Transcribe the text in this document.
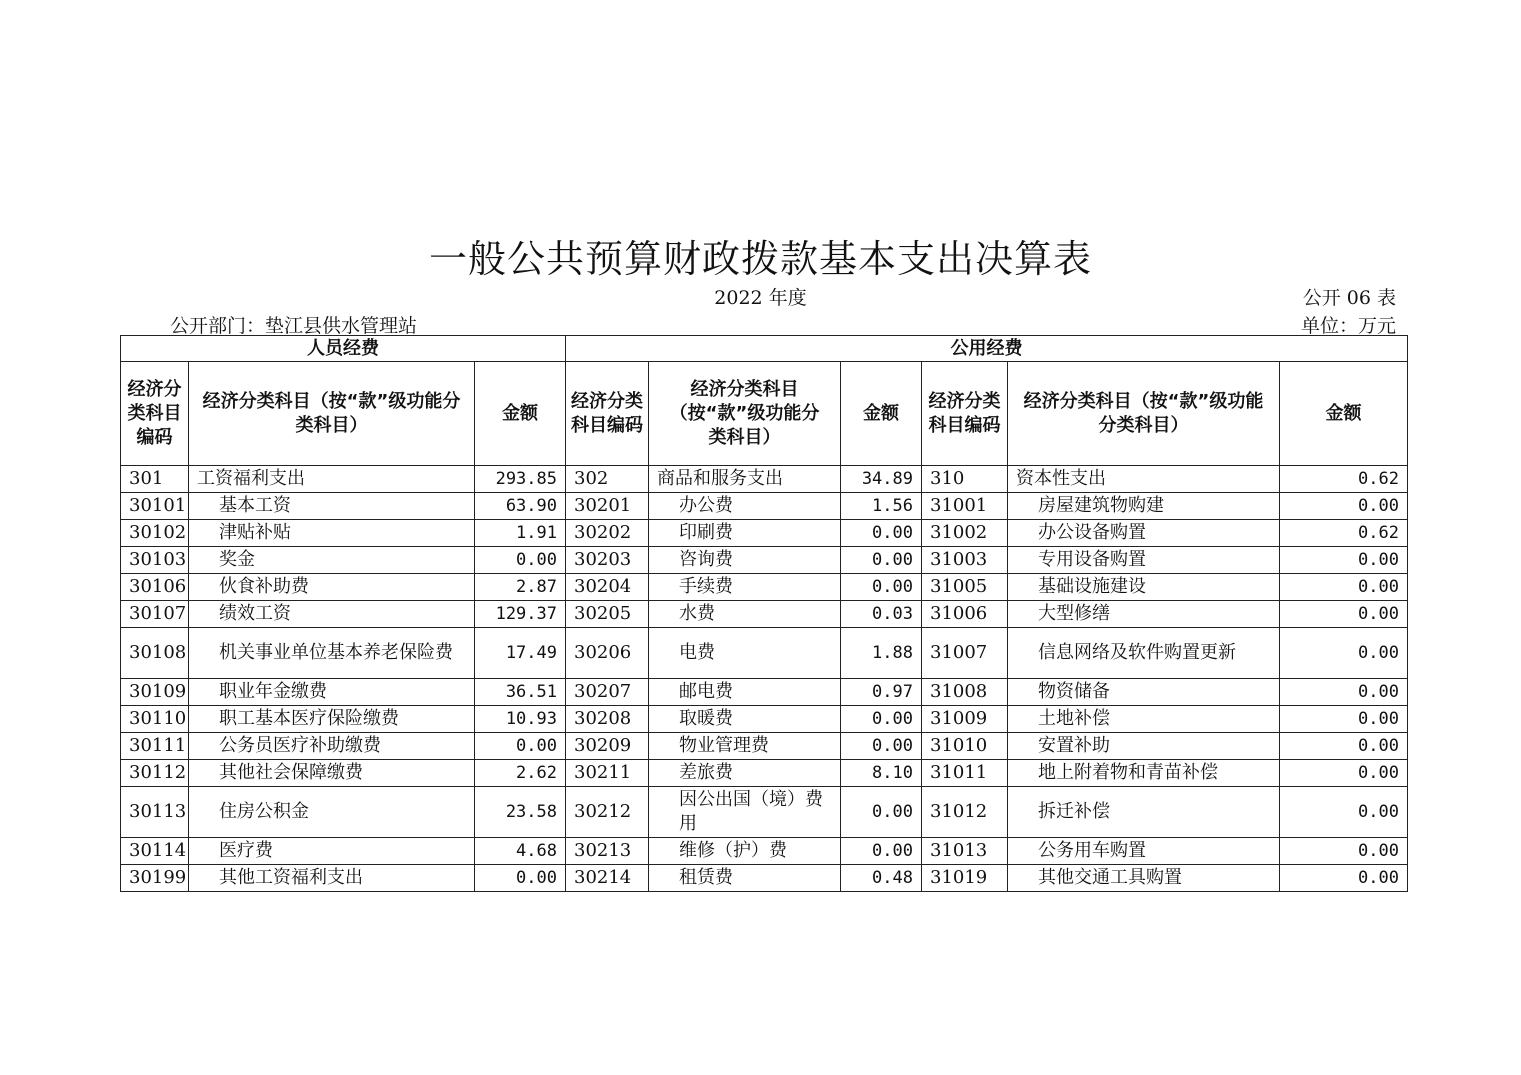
一般公共预算财政拨款基本支出决算表
2022 年度	公开 06 表
公开部门：垫江县供水管理站	单位：万元
人员经费			公用经费					
经济分类科目编码	经济分类科目（按“款”级功能分类科目）	金额	经济分类科目编码	经济分类科目（按“款”级功能分类科目）	金额	经济分类科目编码	经济分类科目（按“款”级功能分类科目）	金额
301	工资福利支出	293.85	302	商品和服务支出	34.89	310	资本性支出	0.62
30101	基本工资	63.90	30201	办公费	1.56	31001	房屋建筑物购建	0.00
30102	津贴补贴	1.91	30202	印刷费	0.00	31002	办公设备购置	0.62
30103	奖金	0.00	30203	咨询费	0.00	31003	专用设备购置	0.00
30106	伙食补助费	2.87	30204	手续费	0.00	31005	基础设施建设	0.00
30107	绩效工资	129.37	30205	水费	0.03	31006	大型修缮	0.00
30108	机关事业单位基本养老保险费	17.49	30206	电费	1.88	31007	信息网络及软件购置更新	0.00
30109	职业年金缴费	36.51	30207	邮电费	0.97	31008	物资储备	0.00
30110	职工基本医疗保险缴费	10.93	30208	取暖费	0.00	31009	土地补偿	0.00
30111	公务员医疗补助缴费	0.00	30209	物业管理费	0.00	31010	安置补助	0.00
30112	其他社会保障缴费	2.62	30211	差旅费	8.10	31011	地上附着物和青苗补偿	0.00
30113	住房公积金	23.58	30212	因公出国（境）费用	0.00	31012	拆迁补偿	0.00
30114	医疗费	4.68	30213	维修（护）费	0.00	31013	公务用车购置	0.00
30199	其他工资福利支出	0.00	30214	租赁费	0.48	31019	其他交通工具购置	0.00
